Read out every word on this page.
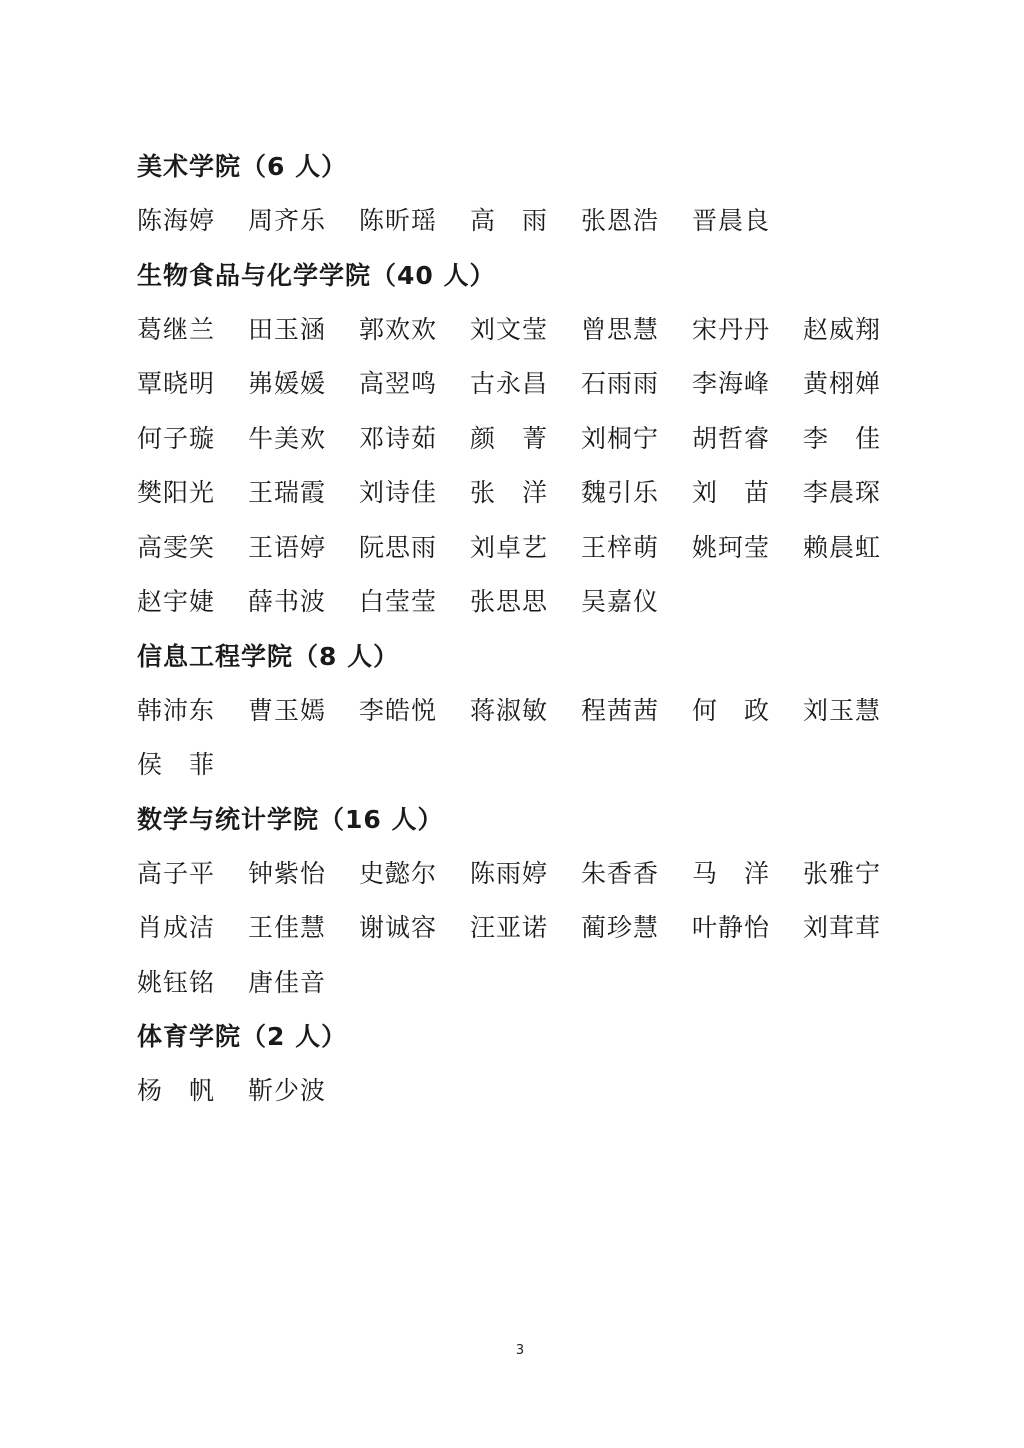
美术学院（6 人）
陈海婷	周齐乐	陈昕瑶	高　雨	张恩浩	晋晨良
生物食品与化学学院（40 人）
葛继兰	田玉涵	郭欢欢	刘文莹	曾思慧	宋丹丹	赵威翔
覃晓明	岪媛媛	高翌鸣	古永昌	石雨雨	李海峰	黄栩婵
何子璇	牛美欢	邓诗茹	颜　菁	刘桐宁	胡哲睿	李　佳
樊阳光	王瑞霞	刘诗佳	张　洋	魏引乐	刘　苗	李晨琛
高雯笑	王语婷	阮思雨	刘卓艺	王梓萌	姚珂莹	赖晨虹
赵宇婕	薛书波	白莹莹	张思思	吴嘉仪
信息工程学院（8 人）
韩沛东	曹玉嫣	李皓悦	蒋淑敏	程茜茜	何　政	刘玉慧
侯　菲
数学与统计学院（16 人）
高子平	钟紫怡	史懿尔	陈雨婷	朱香香	马　洋	张雅宁
肖成洁	王佳慧	谢诚容	汪亚诺	蔺珍慧	叶静怡	刘茸茸
姚钰铭	唐佳音
体育学院（2 人）
杨　帆	靳少波
3
